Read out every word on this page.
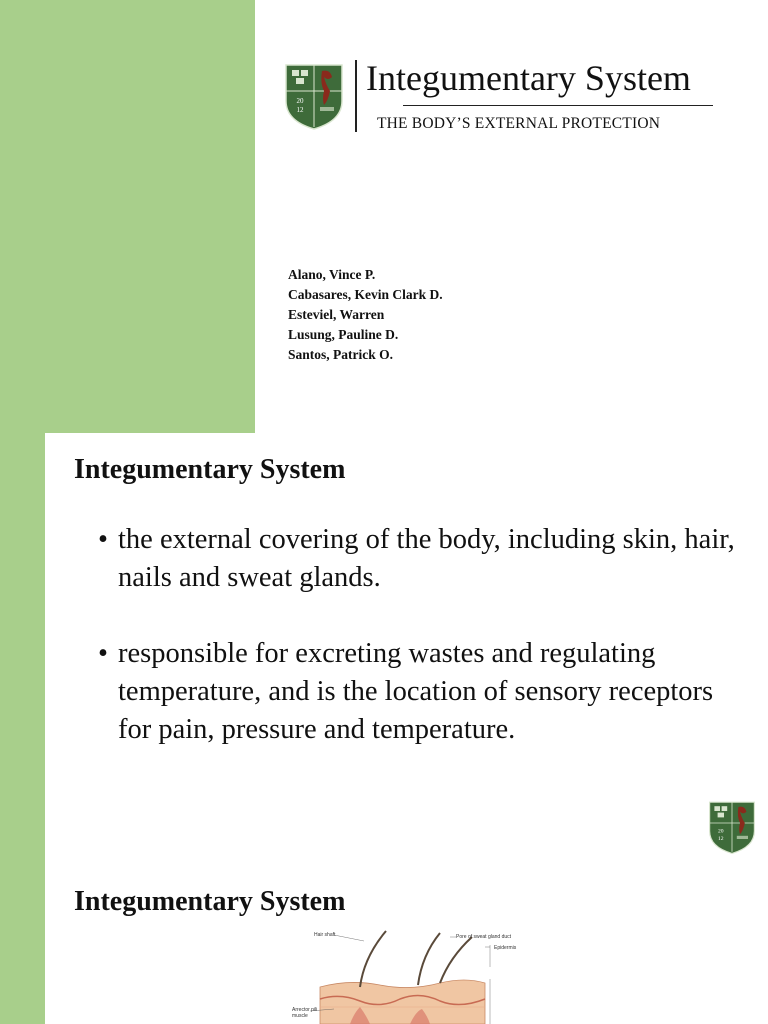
20
12
Integumentary System
THE BODY’S EXTERNAL PROTECTION
Alano, Vince P.
Cabasares, Kevin Clark D.
Esteviel, Warren
Lusung, Pauline D.
Santos, Patrick O.
Integumentary System
• the external covering of the body, including skin, hair, nails and sweat glands.
• responsible for excreting wastes and regulating temperature, and is the location of sensory receptors for pain, pressure and temperature.
20
12
Integumentary System
Hair shaft	Pore of sweat gland duct
Epidermis
Arrector pili
muscle
